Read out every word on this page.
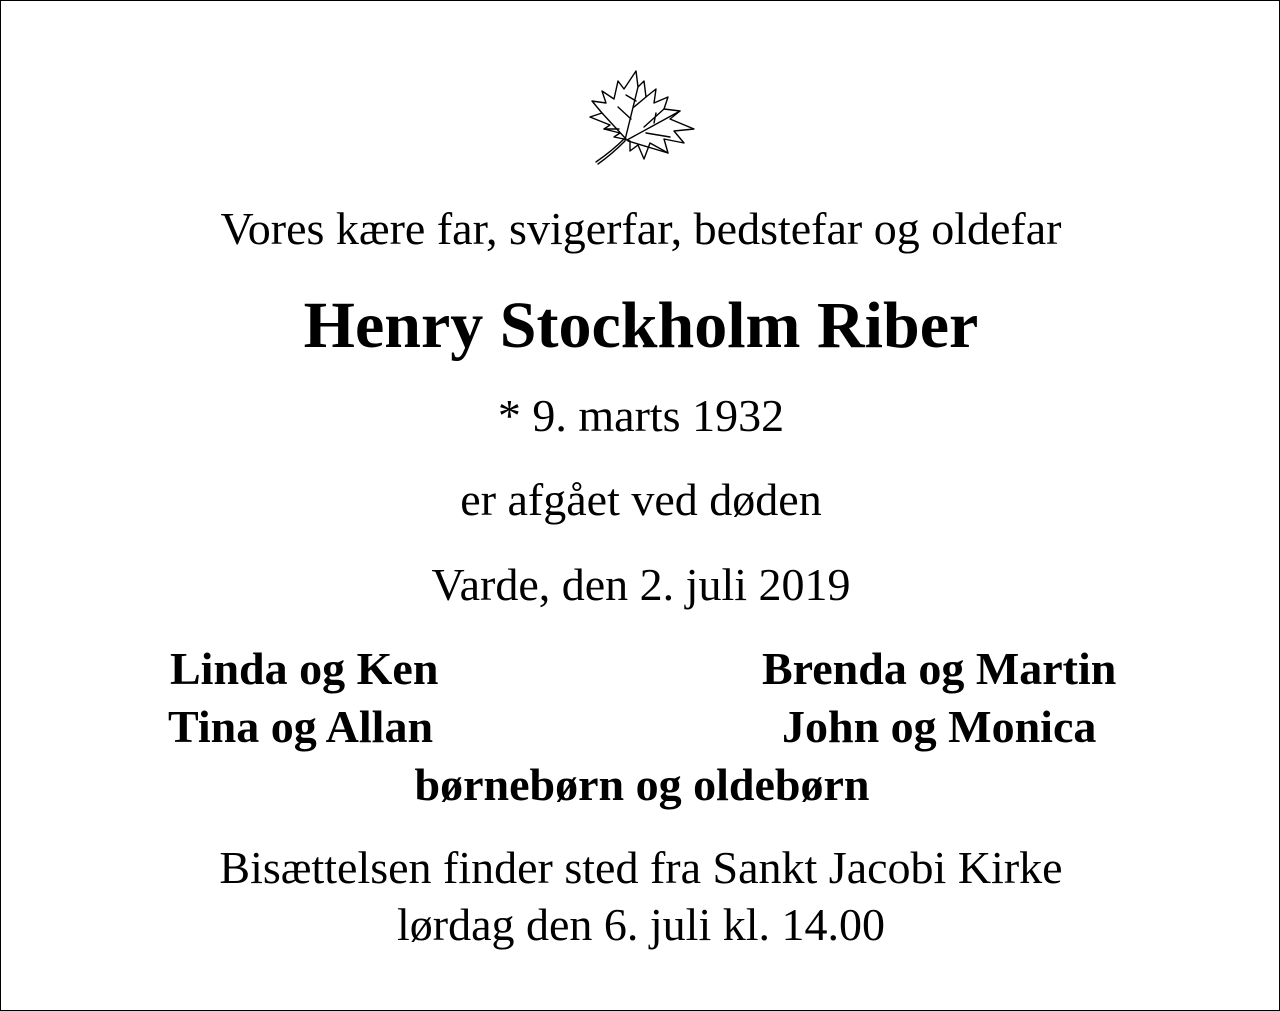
Vores kære far, svigerfar, bedstefar og oldefar
Henry Stockholm Riber
* 9. marts 1932
er afgået ved døden
Varde, den 2. juli 2019
Linda og Ken
Tina og Allan
Brenda og Martin
John og Monica
børnebørn og oldebørn
Bisættelsen finder sted fra Sankt Jacobi Kirke
lørdag den 6. juli kl. 14.00
